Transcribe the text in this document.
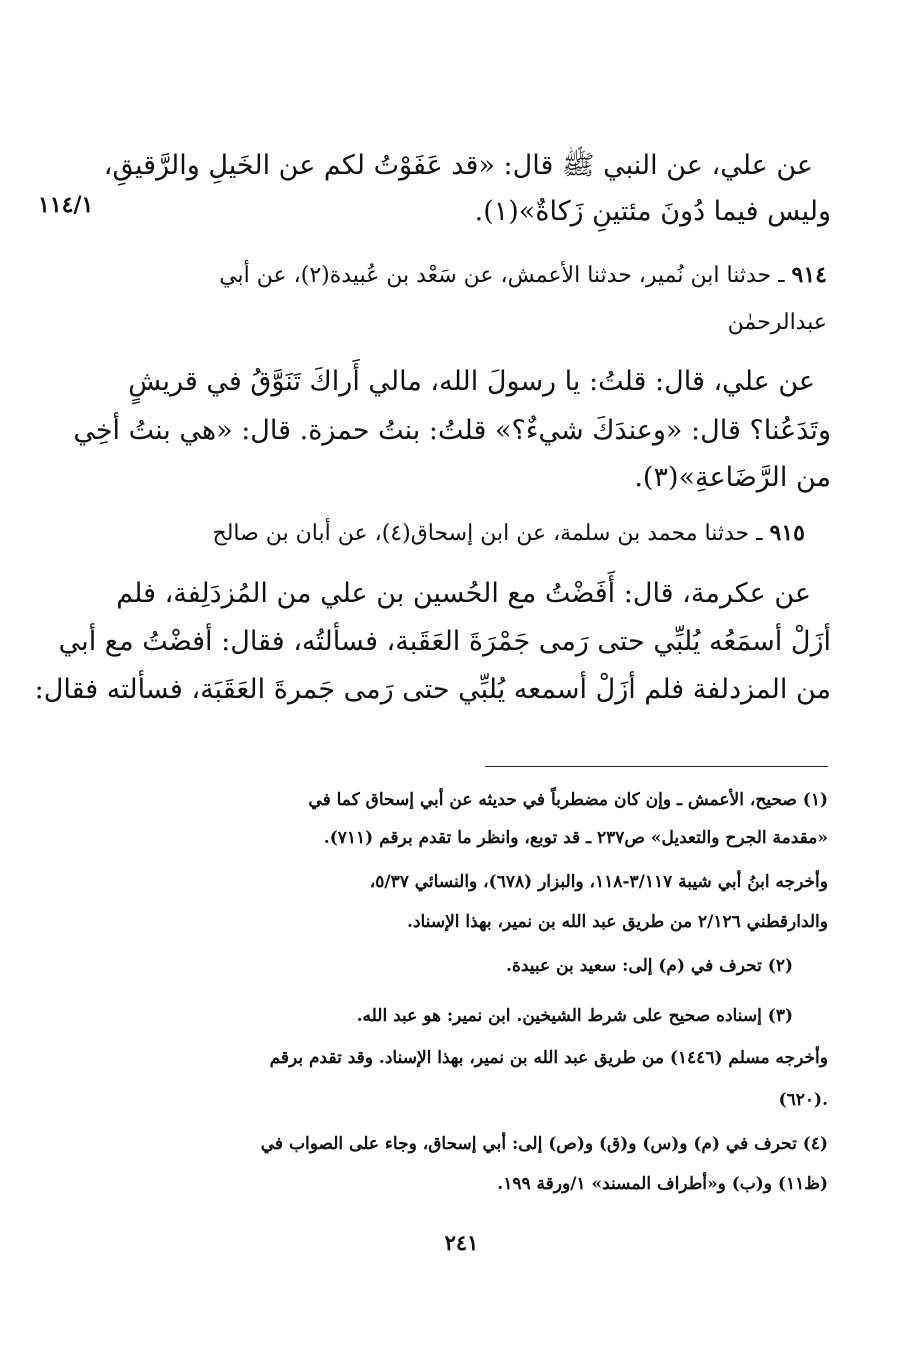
١١٤/١
عن علي، عن النبي ﷺ قال: «قد عَفَوْتُ لكم عن الخَيلِ والرَّقيقِ،
وليس فيما دُونَ مئتينِ زَكاةٌ»(١).
٩١٤ ـ حدثنا ابن نُمير، حدثنا الأعمش، عن سَعْد بن عُبيدة(٢)، عن أبي
عبدالرحمٰن
عن علي، قال: قلتُ: يا رسولَ الله، مالي أَراكَ تَنَوَّقُ في قريشٍ
وتَدَعُنا؟ قال: «وعندَكَ شيءٌ؟» قلتُ: بنتُ حمزة. قال: «هي بنتُ أخِي
من الرَّضَاعةِ»(٣).
٩١٥ ـ حدثنا محمد بن سلمة، عن ابن إسحاق(٤)، عن أبان بن صالح
عن عكرمة، قال: أَفَضْتُ مع الحُسين بن علي من المُزدَلِفة، فلم
أزَلْ أسمَعُه يُلبِّي حتى رَمى جَمْرَةَ العَقَبة، فسألتُه، فقال: أفضْتُ مع أبي
من المزدلفة فلم أزَلْ أسمعه يُلبِّي حتى رَمى جَمرةَ العَقَبَة، فسألته فقال:
(١) صحيح، الأعمش ـ وإن كان مضطرباً في حديثه عن أبي إسحاق كما في
«مقدمة الجرح والتعديل» ص٢٣٧ ـ قد توبع، وانظر ما تقدم برقم (٧١١).
وأخرجه ابنُ أبي شيبة ٣/١١٧-١١٨، والبزار (٦٧٨)، والنسائي ٥/٣٧،
والدارقطني ٢/١٢٦ من طريق عبد الله بن نمير، بهذا الإسناد.
(٢) تحرف في (م) إلى: سعيد بن عبيدة.
(٣) إسناده صحيح على شرط الشيخين. ابن نمير: هو عبد الله.
وأخرجه مسلم (١٤٤٦) من طريق عبد الله بن نمير، بهذا الإسناد. وقد تقدم برقم
(٦٢٠).
(٤) تحرف في (م) و(س) و(ق) و(ص) إلى: أبي إسحاق، وجاء على الصواب في
(ظ١١) و(ب) و«أطراف المسند» ١/ورقة ١٩٩.
٢٤١
